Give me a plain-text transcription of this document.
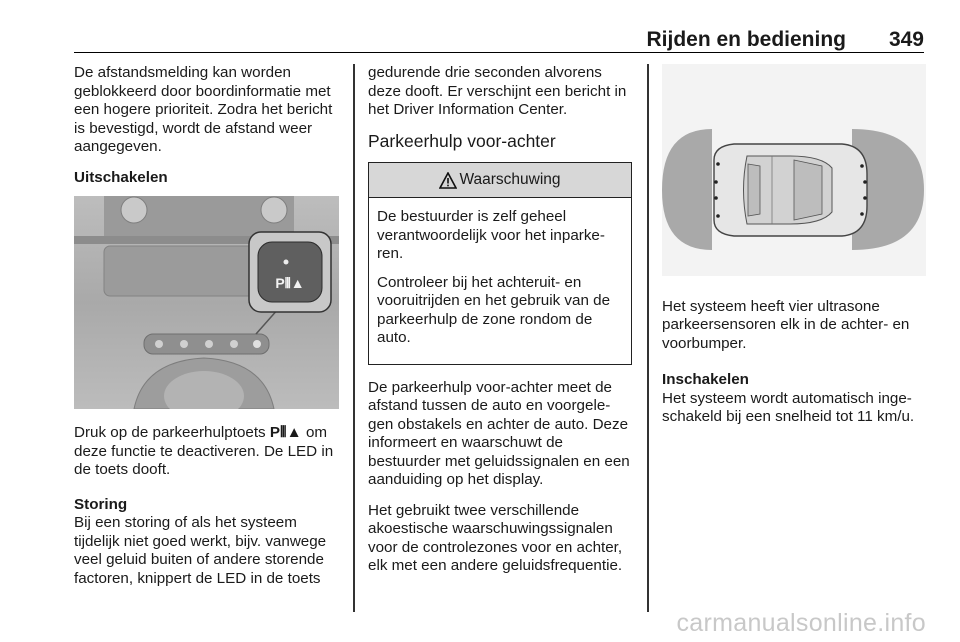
Rijden en bediening 349

De afstandsmelding kan worden geblokkeerd door boordinformatie met een hogere prioriteit. Zodra het bericht is bevestigd, wordt de afstand weer aangegeven.

Uitschakelen

P⦀▲

Druk op de parkeerhulptoets P⦀▲ om deze functie te deactiveren. De LED in de toets dooft.

Storing

Bij een storing of als het systeem tijdelijk niet goed werkt, bijv. vanwege veel geluid buiten of andere storende factoren, knippert de LED in de toets

gedurende drie seconden alvorens deze dooft. Er verschijnt een bericht in het Driver Information Center.

Parkeerhulp voor-achter
Waarschuwing

De bestuurder is zelf geheel verantwoordelijk voor het inparke‐ ren.

Controleer bij het achteruit- en vooruitrijden en het gebruik van de parkeerhulp de zone rondom de auto.

De parkeerhulp voor-achter meet de afstand tussen de auto en voorgele‐ gen obstakels en achter de auto. Deze informeert en waarschuwt de bestuurder met geluidssignalen en een aanduiding op het display.

Het gebruikt twee verschillende akoestische waarschuwingssignalen voor de controlezones voor en achter, elk met een andere geluidsfrequentie.

Het systeem heeft vier ultrasone parkeersensoren elk in de achter- en voorbumper.

Inschakelen

Het systeem wordt automatisch inge‐ schakeld bij een snelheid tot 11 km/u.

carmanualsonline.info
